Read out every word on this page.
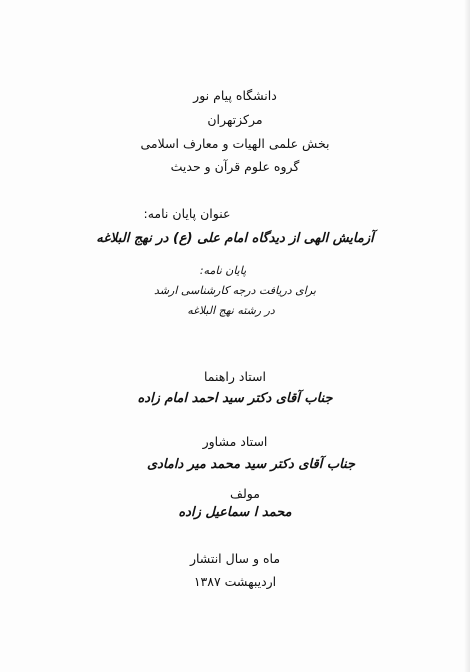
دانشگاه پیام نور
مرکزتهران
بخش علمی الهیات و معارف اسلامی
گروه علوم قرآن و حدیث
عنوان پایان نامه:
آزمایش الهی از دیدگاه امام علی (ع) در نهج البلاغه
پایان نامه:
برای دریافت درجه کارشناسی ارشد
در رشته نهج البلاغه
استاد راهنما
جناب آقای دکتر سید احمد امام زاده
استاد مشاور
جناب آقای دکتر سید محمد میر دامادی
مولف
محمد ا سماعیل زاده
ماه و سال انتشار
اردیبهشت ۱۳۸۷
